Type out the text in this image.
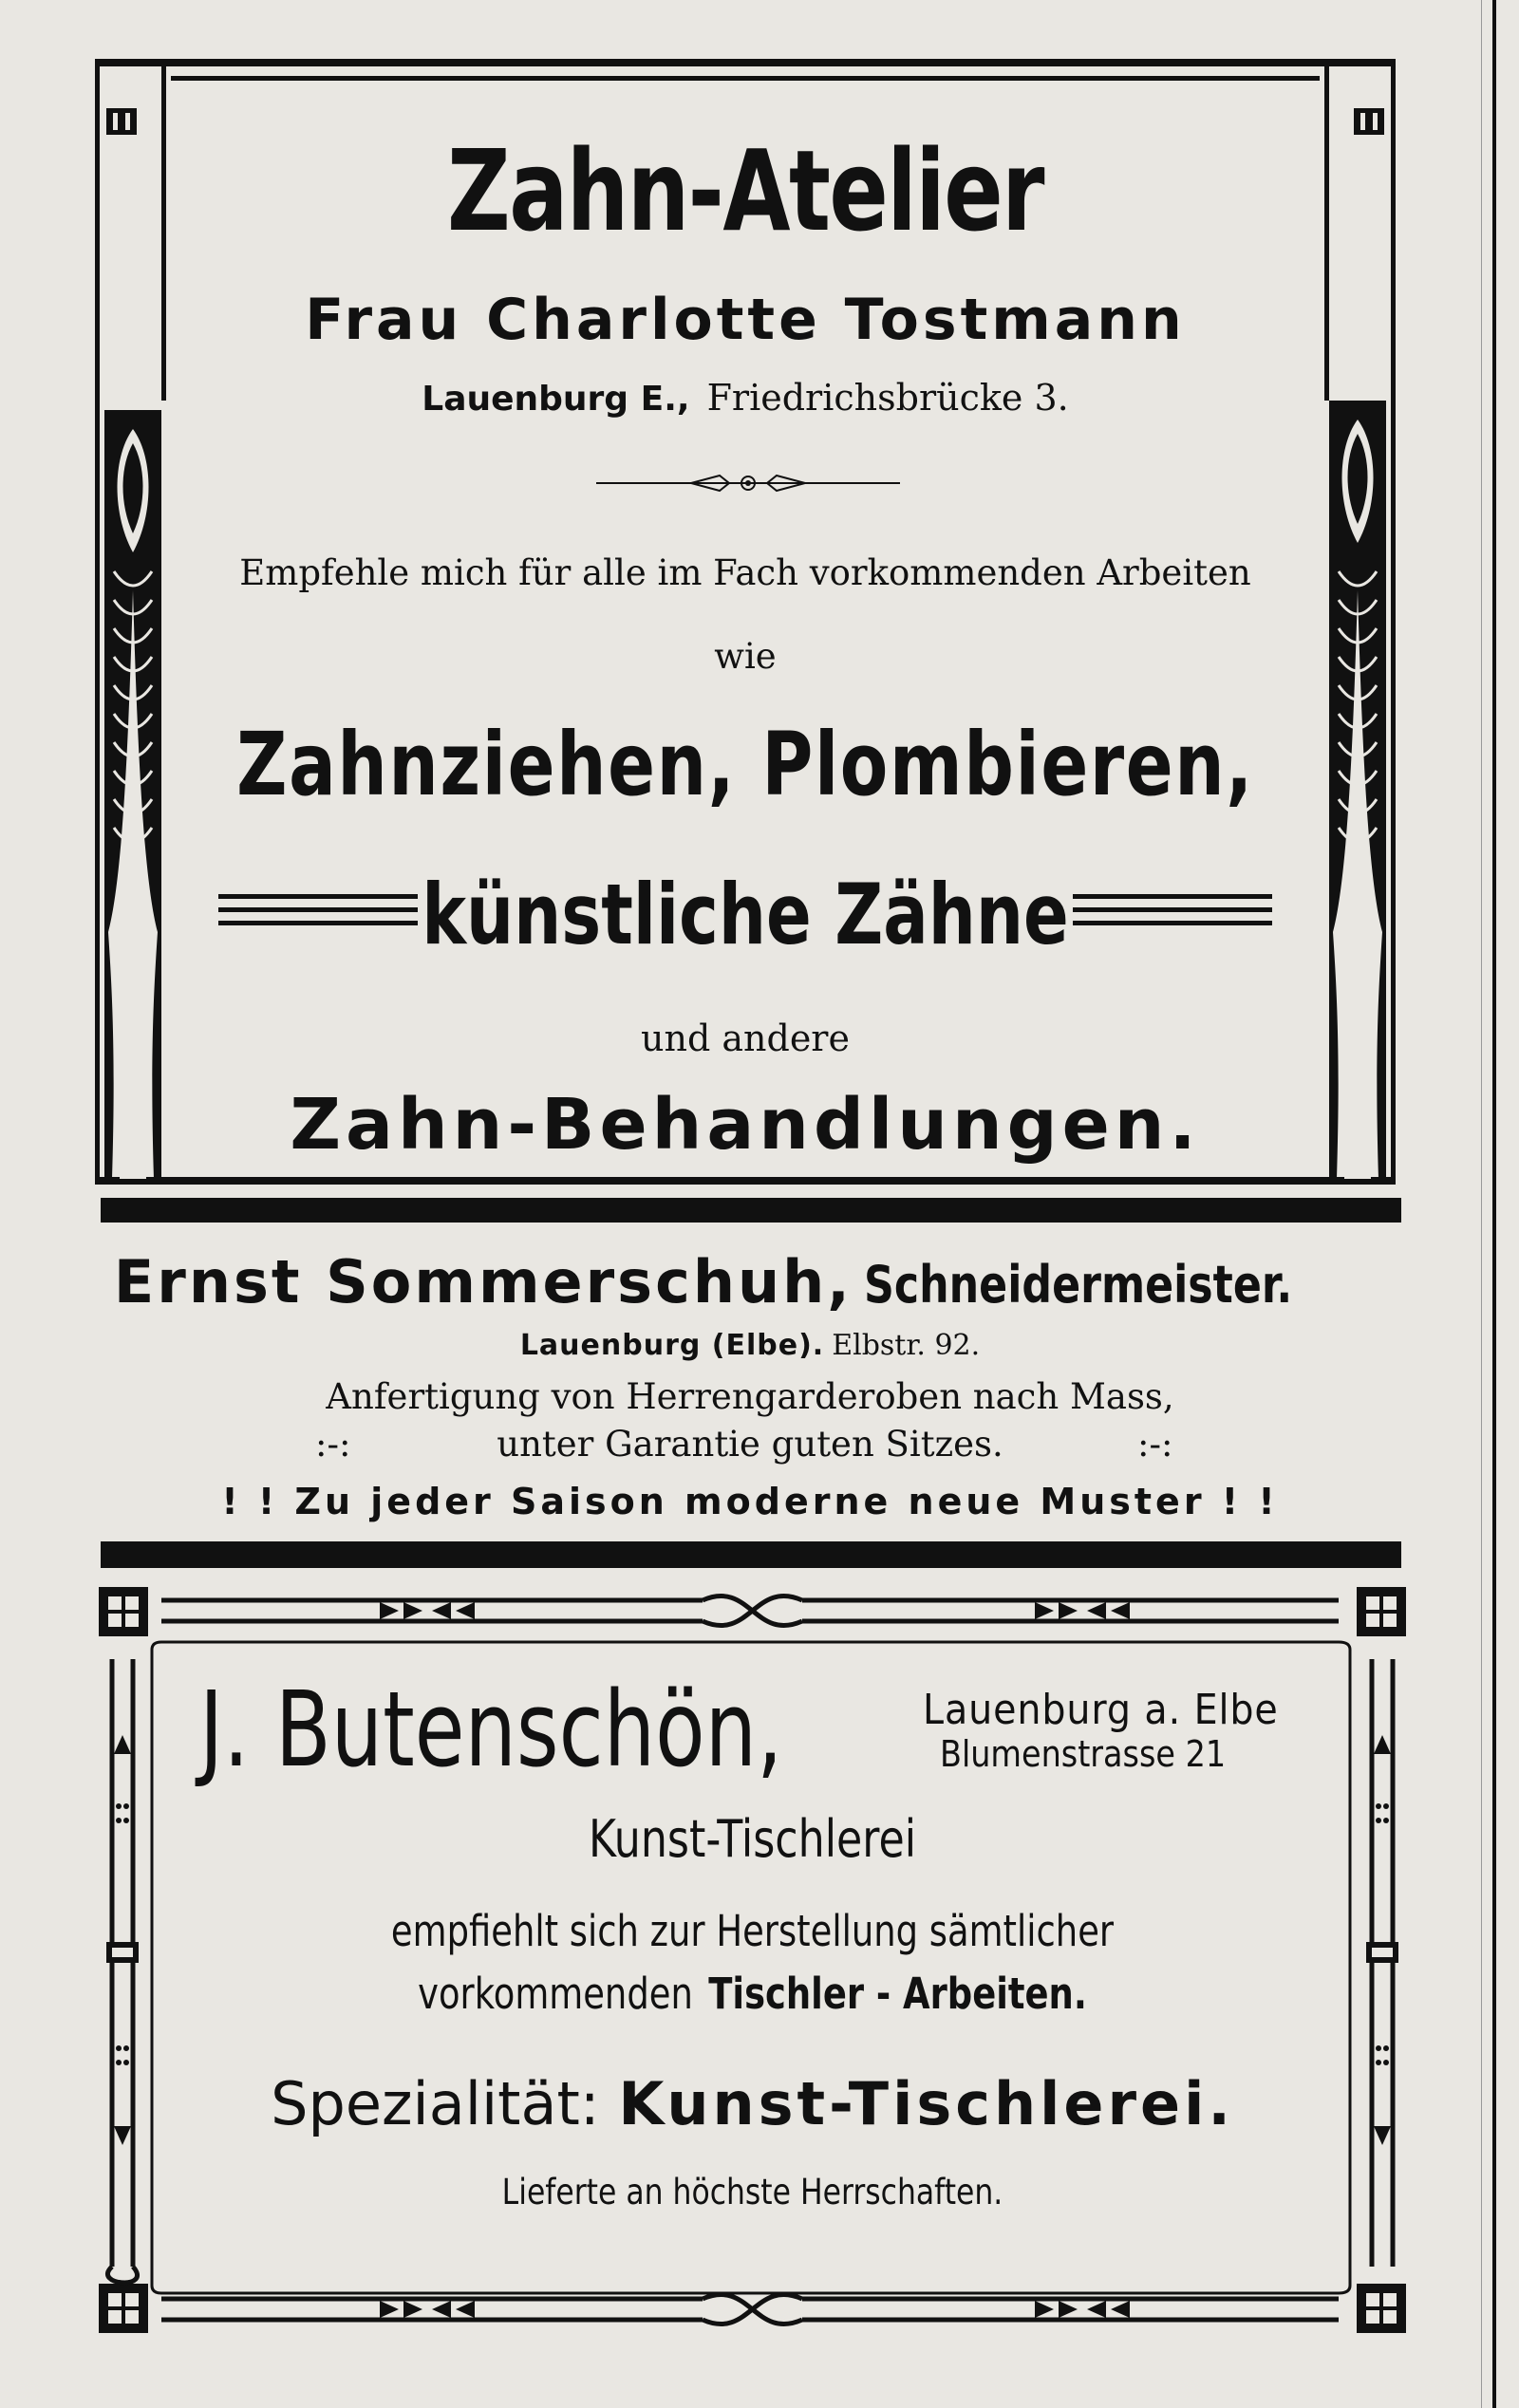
Zahn-Atelier
Frau Charlotte Tostmann
Lauenburg E., Friedrichsbrücke 3.
Empfehle mich für alle im Fach vorkommenden Arbeiten
wie
Zahnziehen, Plombieren,
künstliche Zähne
und andere
Zahn-Behandlungen.
Ernst Sommerschuh, Schneidermeister.
Lauenburg (Elbe). Elbstr. 92.
Anfertigung von Herrengarderoben nach Mass,
:-:	unter Garantie guten Sitzes.	:-:
! ! Zu jeder Saison moderne neue Muster ! !
J. Butenschön,	Lauenburg a. Elbe
Blumenstrasse 21
Kunst-Tischlerei
empfiehlt sich zur Herstellung sämtlicher
vorkommenden Tischler - Arbeiten.
Spezialität: Kunst-Tischlerei.
Lieferte an höchste Herrschaften.
